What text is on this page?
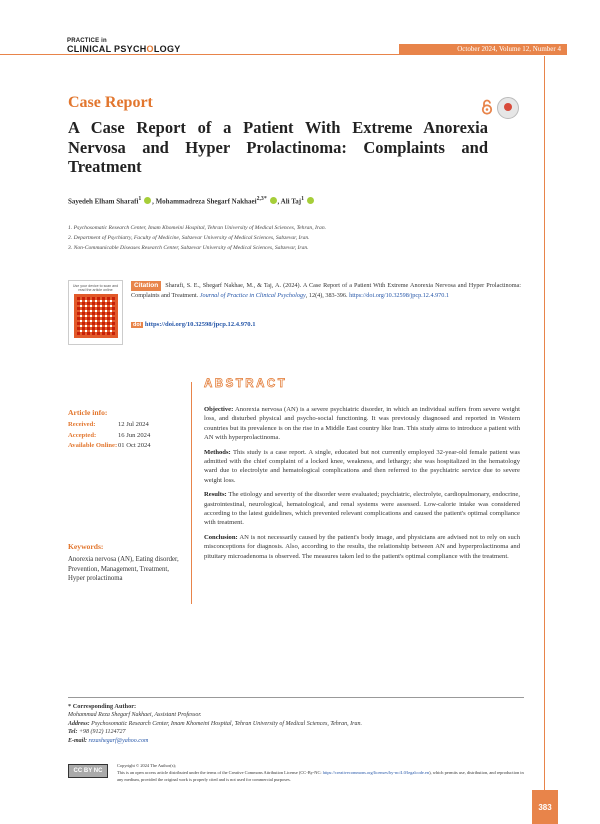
PRACTICE in
CLINICAL PSYCHOLOGY	October 2024, Volume 12, Number 4
Case Report
A Case Report of a Patient With Extreme Anorexia Nervosa and Hyper Prolactinoma: Complaints and Treatment
Sayedeh Elham Sharafi$^1$ , Mohammadreza Shegarf Nakhaei$^{2,3*}$ , Ali Taj$^1$
1. Psychosomatic Research Center, Imam Khomeini Hospital, Tehran University of Medical Sciences, Tehran, Iran.
2. Department of Psychiatry, Faculty of Medicine, Sabzevar University of Medical Sciences, Sabzevar, Iran.
3. Non-Communicable Diseases Research Center, Sabzevar University of Medical Sciences, Sabzevar, Iran.
Use your device to scan and read the article online
Citation Sharafi, S. E., Shegarf Nakhae, M., & Taj, A. (2024). A Case Report of a Patient With Extreme Anorexia Nervosa and Hyper Prolactinoma: Complaints and Treatment. Journal of Practice in Clinical Psychology, 12(4), 383-396. https://doi.org/10.32598/jpcp.12.4.970.1
doi https://doi.org/10.32598/jpcp.12.4.970.1
Article info:
Received:	12 Jul 2024
Accepted:	16 Jun 2024
Available Online:01 Oct 2024
ABSTRACT

Objective: Anorexia nervosa (AN) is a severe psychiatric disorder, in which an individual suffers from severe weight loss, and disturbed physical and psycho-social functioning. It was previously diagnosed and reported in Western countries but its prevalence is on the rise in a Middle East country like Iran. This study aims to introduce a patient with AN with hyperprolactinoma.

Methods: This study is a case report. A single, educated but not currently employed 32-year-old female patient was admitted with the chief complaint of a locked knee, weakness, and lethargy; she was hospitalized in the hematology ward due to electrolyte and hematological complications and then referred to the psychiatric service due to severe weight loss.

Results: The etiology and severity of the disorder were evaluated; psychiatric, electrolyte, cardiopulmonary, endocrine, gastrointestinal, neurological, hematological, and renal systems were assessed. Low-calorie intake was considered according to the latest guidelines, which prevented relevant complications and caused the patient's optimal compliance with treatment.

Conclusion: AN is not necessarily caused by the patient's body image, and physicians are advised not to rely on such misconceptions for diagnosis. Also, according to the results, the relationship between AN and hyperprolactinoma and pituitary microadenoma is observed. The measures taken led to the patient's optimal compliance with the treatment.

Keywords:
Anorexia nervosa (AN), Eating disorder, Prevention, Management, Treatment, Hyper prolactinoma
* Corresponding Author:
Mohammad Reza Shegarf Nakhaei, Assistant Professor.
Address: Psychosomatic Research Center, Imam Khomeini Hospital, Tehran University of Medical Sciences, Tehran, Iran.
Tel: +98 (912) 1124727
E-mail: rezashegarf@yahoo.com
CC BY NC
Copyright © 2024 The Author(s);
This is an open access article distributed under the terms of the Creative Commons Attribution License (CC-By-NC: https://creativecommons.org/licenses/by-nc/4.0/legalcode.en), which permits use, distribution, and reproduction in any medium, provided the original work is properly cited and is not used for commercial purposes.
383
